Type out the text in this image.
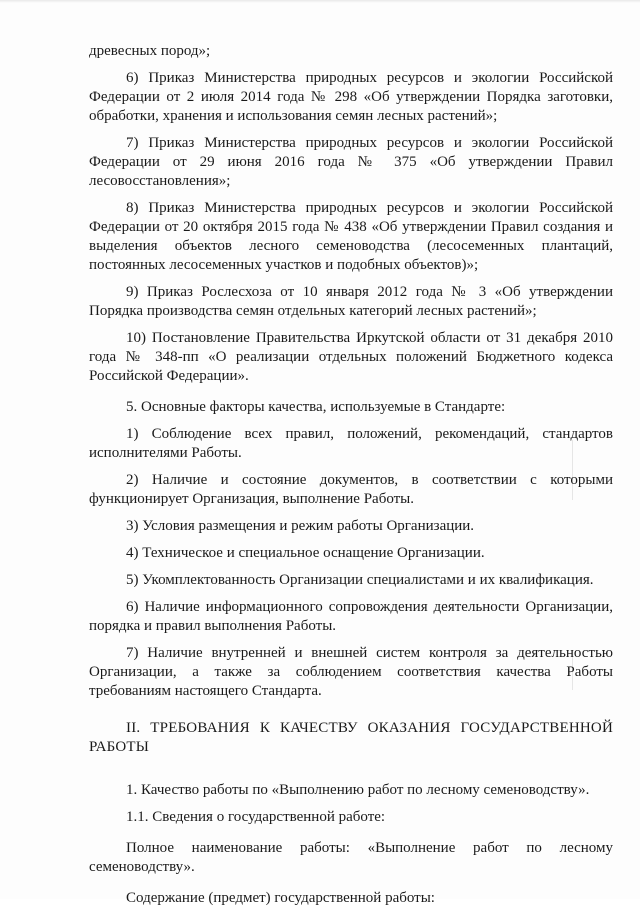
древесных пород»;

6) Приказ Министерства природных ресурсов и экологии Российской Федерации от 2 июля 2014 года № 298 «Об утверждении Порядка заготовки, обработки, хранения и использования семян лесных растений»;

7) Приказ Министерства природных ресурсов и экологии Российской Федерации от 29 июня 2016 года № 375 «Об утверждении Правил лесовосстановления»;

8) Приказ Министерства природных ресурсов и экологии Российской Федерации от 20 октября 2015 года № 438 «Об утверждении Правил создания и выделения объектов лесного семеноводства (лесосеменных плантаций, постоянных лесосеменных участков и подобных объектов)»;

9) Приказ Рослесхоза от 10 января 2012 года № 3 «Об утверждении Порядка производства семян отдельных категорий лесных растений»;

10) Постановление Правительства Иркутской области от 31 декабря 2010 года № 348-пп «О реализации отдельных положений Бюджетного кодекса Российской Федерации».

5. Основные факторы качества, используемые в Стандарте:

1) Соблюдение всех правил, положений, рекомендаций, стандартов исполнителями Работы.

2) Наличие и состояние документов, в соответствии с которыми функционирует Организация, выполнение Работы.

3) Условия размещения и режим работы Организации.

4) Техническое и специальное оснащение Организации.

5) Укомплектованность Организации специалистами и их квалификация.

6) Наличие информационного сопровождения деятельности Организации, порядка и правил выполнения Работы.

7) Наличие внутренней и внешней систем контроля за деятельностью Организации, а также за соблюдением соответствия качества Работы требованиям настоящего Стандарта.

II. ТРЕБОВАНИЯ К КАЧЕСТВУ ОКАЗАНИЯ ГОСУДАРСТВЕННОЙ РАБОТЫ

1. Качество работы по «Выполнению работ по лесному семеноводству».

1.1. Сведения о государственной работе:

Полное наименование работы: «Выполнение работ по лесному семеноводству».

Содержание (предмет) государственной работы:
